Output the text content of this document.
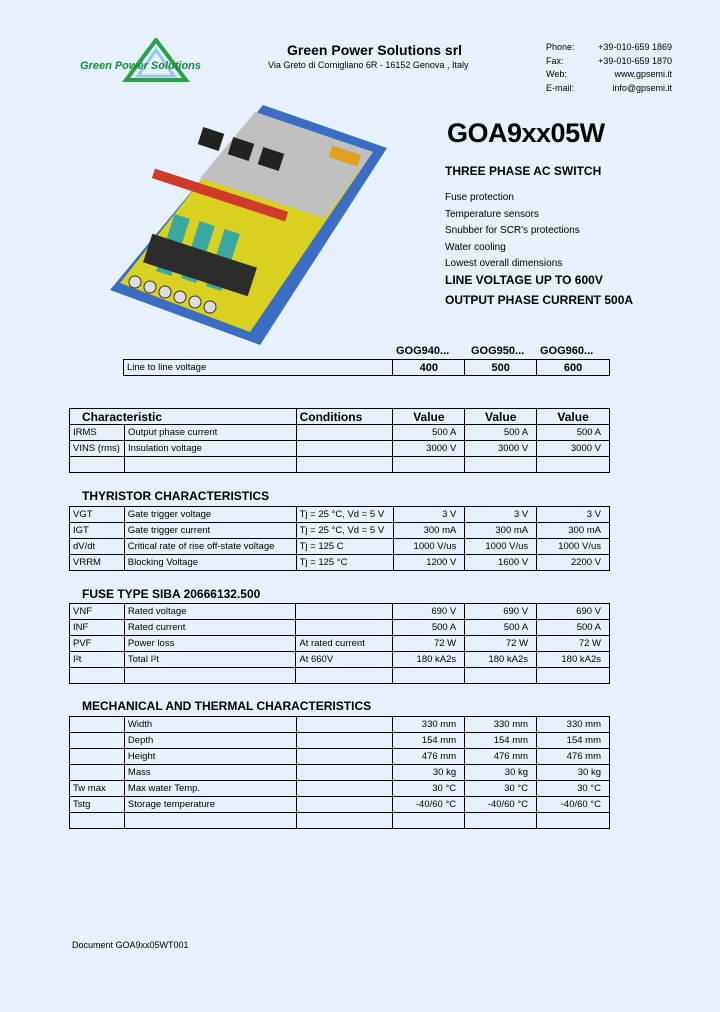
Green Power Solutions
Green Power Solutions srl
Via Greto di Cornigliano 6R - 16152 Genova , Italy
Phone:	+39-010-659 1869
Fax:	+39-010-659 1870
Web:	www.gpsemi.it
E-mail:	info@gpsemi.it
GOA9xx05W
THREE PHASE AC SWITCH
Fuse protection
Temperature sensors
Snubber for SCR's protections
Water cooling
Lowest overall dimensions
LINE VOLTAGE UP TO 600V
OUTPUT PHASE CURRENT 500A
GOG940... GOG950... GOG960...
Line to line voltage	400	500	600
Characteristic		Conditions	Value	Value	Value
IRMS	Output phase current		500 A	500 A	500 A
VINS (rms)	Insulation voltage		3000 V	3000 V	3000 V

THYRISTOR CHARACTERISTICS
VGT	Gate trigger voltage	Tj = 25 °C, Vd = 5 V	3 V	3 V	3 V
IGT	Gate trigger current	Tj = 25 °C, Vd = 5 V	300 mA	300 mA	300 mA
dV/dt	Critical rate of rise off-state voltage	Tj = 125 C	1000 V/us	1000 V/us	1000 V/us
VRRM	Blocking Voltage	Tj = 125 °C	1200 V	1600 V	2200 V
FUSE TYPE SIBA 20666132.500
VNF	Rated voltage		690 V	690 V	690 V
INF	Rated current		500 A	500 A	500 A
PVF	Power loss	At rated current	72 W	72 W	72 W
I²t	Total I²t	At 660V	180 kA2s	180 kA2s	180 kA2s

MECHANICAL AND THERMAL CHARACTERISTICS
	Width		330 mm	330 mm	330 mm
	Depth		154 mm	154 mm	154 mm
	Height		476 mm	476 mm	476 mm
	Mass		30 kg	30 kg	30 kg
Tw max	Max water Temp.		30 °C	30 °C	30 °C
Tstg	Storage temperature		-40/60 °C	-40/60 °C	-40/60 °C

Document GOA9xx05WT001
